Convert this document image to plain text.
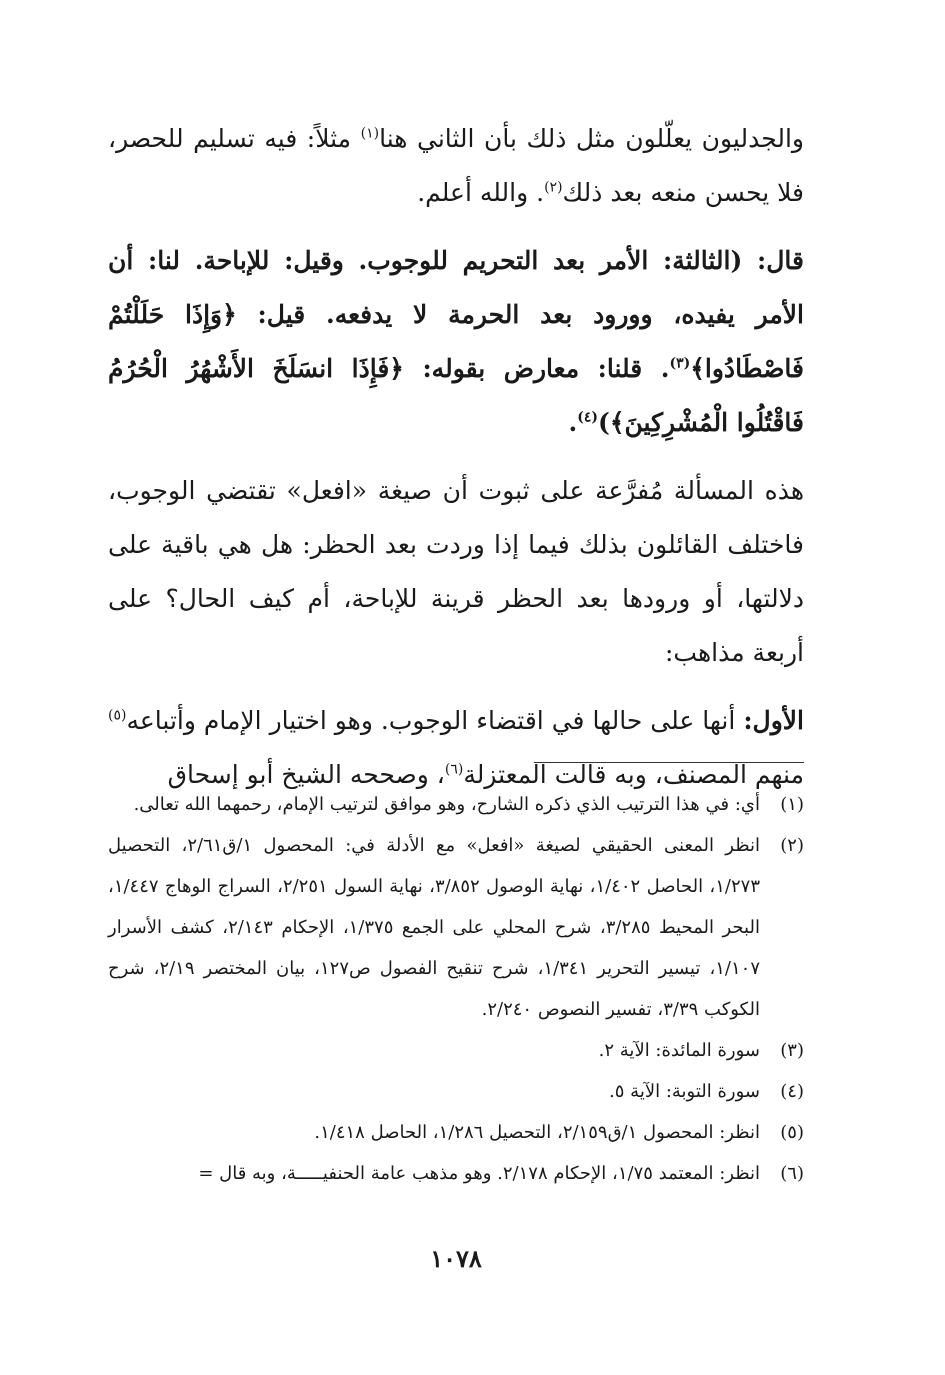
والجدليون يعلّلون مثل ذلك بأن الثاني هنا$^{(١)}$ مثلاً: فيه تسليم للحصر، فلا يحسن منعه بعد ذلك$^{(٢)}$. والله أعلم.

قال: (الثالثة: الأمر بعد التحريم للوجوب. وقيل: للإباحة. لنا: أن الأمر يفيده، وورود بعد الحرمة لا يدفعه. قيل: ﴿وَإِذَا حَلَلْتُمْ فَاصْطَادُوا﴾$^{(٣)}$. قلنا: معارض بقوله: ﴿فَإِذَا انسَلَخَ الأَشْهُرُ الْحُرُمُ فَاقْتُلُوا الْمُشْرِكِينَ﴾)$^{(٤)}$.

هذه المسألة مُفرَّعة على ثبوت أن صيغة «افعل» تقتضي الوجوب، فاختلف القائلون بذلك فيما إذا وردت بعد الحظر: هل هي باقية على دلالتها، أو ورودها بعد الحظر قرينة للإباحة، أم كيف الحال؟ على أربعة مذاهب:

الأول: أنها على حالها في اقتضاء الوجوب. وهو اختيار الإمام وأتباعه$^{(٥)}$ منهم المصنف، وبه قالت المعتزلة$^{(٦)}$، وصححه الشيخ أبو إسحاق

(١)
أي: في هذا الترتيب الذي ذكره الشارح، وهو موافق لترتيب الإمام، رحمهما الله تعالى.
(٢)
انظر المعنى الحقيقي لصيغة «افعل» مع الأدلة في: المحصول ١/ق٢/٦١، التحصيل ١/٢٧٣، الحاصل ١/٤٠٢، نهاية الوصول ٣/٨٥٢، نهاية السول ٢/٢٥١، السراج الوهاج ١/٤٤٧، البحر المحيط ٣/٢٨٥، شرح المحلي على الجمع ١/٣٧٥، الإحكام ٢/١٤٣، كشف الأسرار ١/١٠٧، تيسير التحرير ١/٣٤١، شرح تنقيح الفصول ص١٢٧، بيان المختصر ٢/١٩، شرح الكوكب ٣/٣٩، تفسير النصوص ٢/٢٤٠.
(٣)
سورة المائدة: الآية ٢.
(٤)
سورة التوبة: الآية ٥.
(٥)
انظر: المحصول ١/ق٢/١٥٩، التحصيل ١/٢٨٦، الحاصل ١/٤١٨.
(٦)
انظر: المعتمد ١/٧٥، الإحكام ٢/١٧٨. وهو مذهب عامة الحنفيـــــة، وبه قال =
١٠٧٨
